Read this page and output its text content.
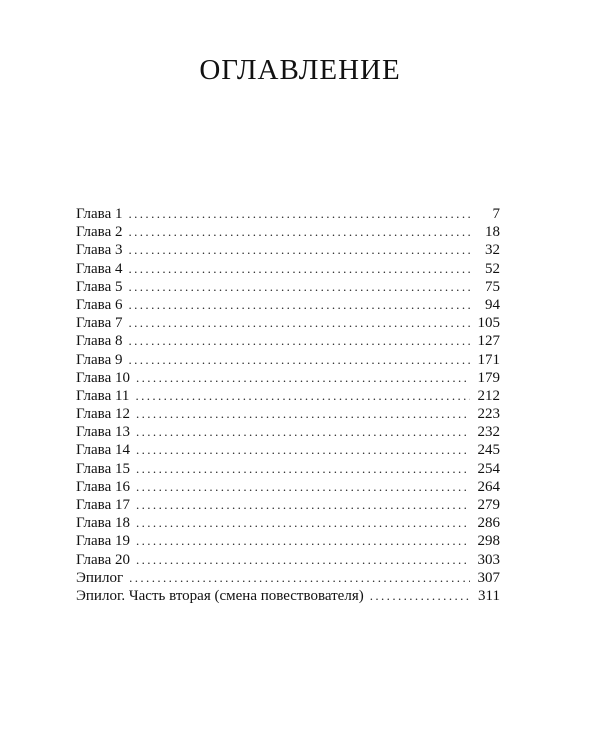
ОГЛАВЛЕНИЕ
Глава 1 .....	7
Глава 2 .....	18
Глава 3 .....	32
Глава 4 .....	52
Глава 5 .....	75
Глава 6 .....	94
Глава 7 .....	105
Глава 8 .....	127
Глава 9 .....	171
Глава 10 .....	179
Глава 11 .....	212
Глава 12 .....	223
Глава 13 .....	232
Глава 14 .....	245
Глава 15 .....	254
Глава 16 .....	264
Глава 17 .....	279
Глава 18 .....	286
Глава 19 .....	298
Глава 20 .....	303
Эпилог .....	307
Эпилог. Часть вторая (смена повествователя) .....	311
